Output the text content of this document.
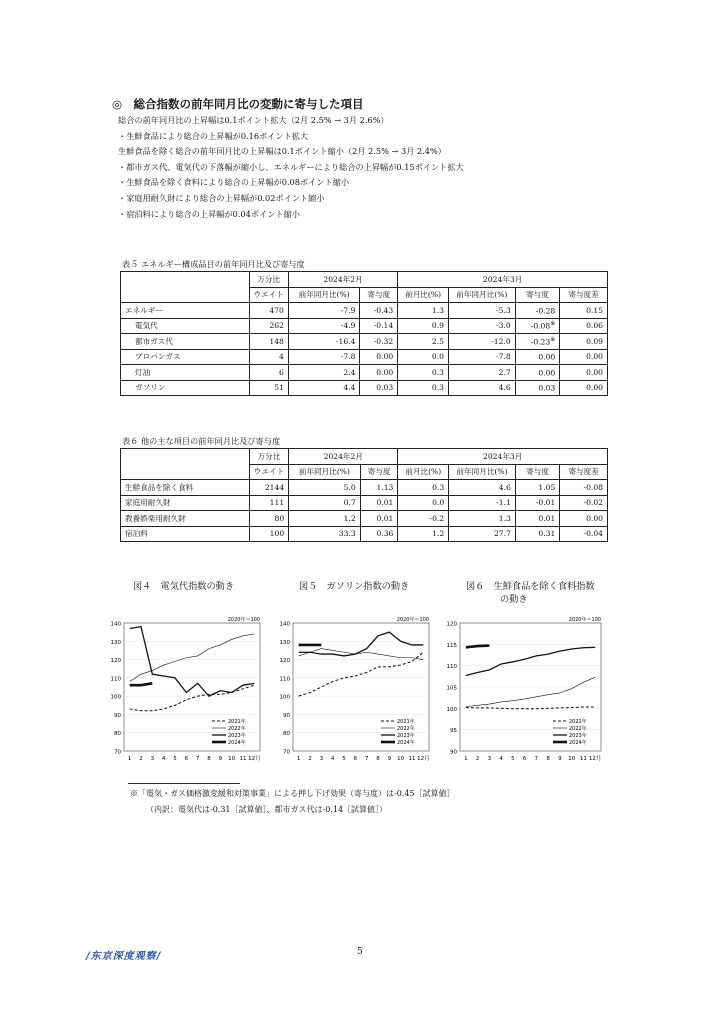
◎　総合指数の前年同月比の変動に寄与した項目
総合の前年同月比の上昇幅は0.1ポイント拡大（2月 2.5% → 3月 2.6%）
・生鮮食品により総合の上昇幅が0.16ポイント拡大
生鮮食品を除く総合の前年同月比の上昇幅は0.1ポイント縮小（2月 2.5% → 3月 2.4%）
・都市ガス代、電気代の下落幅が縮小し、エネルギーにより総合の上昇幅が0.15ポイント拡大
・生鮮食品を除く食料により総合の上昇幅が0.08ポイント縮小
・家庭用耐久財により総合の上昇幅が0.02ポイント縮小
・宿泊料により総合の上昇幅が0.04ポイント縮小
表５ エネルギー構成品目の前年同月比及び寄与度
	万分比	2024年2月		2024年3月			
	ウエイト	前年同月比(%)	寄与度	前月比(%)	前年同月比(%)	寄与度	寄与度差
エネルギー	470	-7.9	-0.43	1.3	-5.3	-0.28	0.15
電気代	262	-4.9	-0.14	0.9	-3.0	-0.08※	0.06
都市ガス代	148	-16.4	-0.32	2.5	-12.0	-0.23※	0.09
プロパンガス	4	-7.8	0.00	0.0	-7.8	0.00	0.00
灯油	6	2.4	0.00	0.3	2.7	0.00	0.00
ガソリン	51	4.4	0.03	0.3	4.6	0.03	0.00
表６ 他の主な項目の前年同月比及び寄与度
	万分比	2024年2月		2024年3月			
	ウエイト	前年同月比(%)	寄与度	前月比(%)	前年同月比(%)	寄与度	寄与度差
生鮮食品を除く食料	2144	5.0	1.13	0.3	4.6	1.05	-0.08
家庭用耐久財	111	0.7	0.01	0.0	-1.1	-0.01	-0.02
教養娯楽用耐久財	80	1.2	0.01	-0.2	1.3	0.01	0.00
宿泊料	100	33.3	0.36	1.2	27.7	0.31	-0.04
図４　電気代指数の動き	図５　ガソリン指数の動き	図６　生鮮食品を除く食料指数
の動き
70
80
90
100
110
120
130
140
1 2 3 4 5 6 7 8 9 10 11 12月
2020年＝100
2021年
2022年
2023年
2024年
70
80
90
100
110
120
130
140
1 2 3 4 5 6 7 8 9 10 11 12月
2020年＝100
2021年
2022年
2023年
2024年
90
95
100
105
110
115
120
1 2 3 4 5 6 7 8 9 10 11 12月
2020年＝100
2021年
2022年
2023年
2024年
※「電気・ガス価格激変緩和対策事業」による押し下げ効果（寄与度）は-0.45［試算値］
（内訳：電気代は-0.31［試算値］、都市ガス代は-0.14［試算値］）
/东京深度观察/	5
